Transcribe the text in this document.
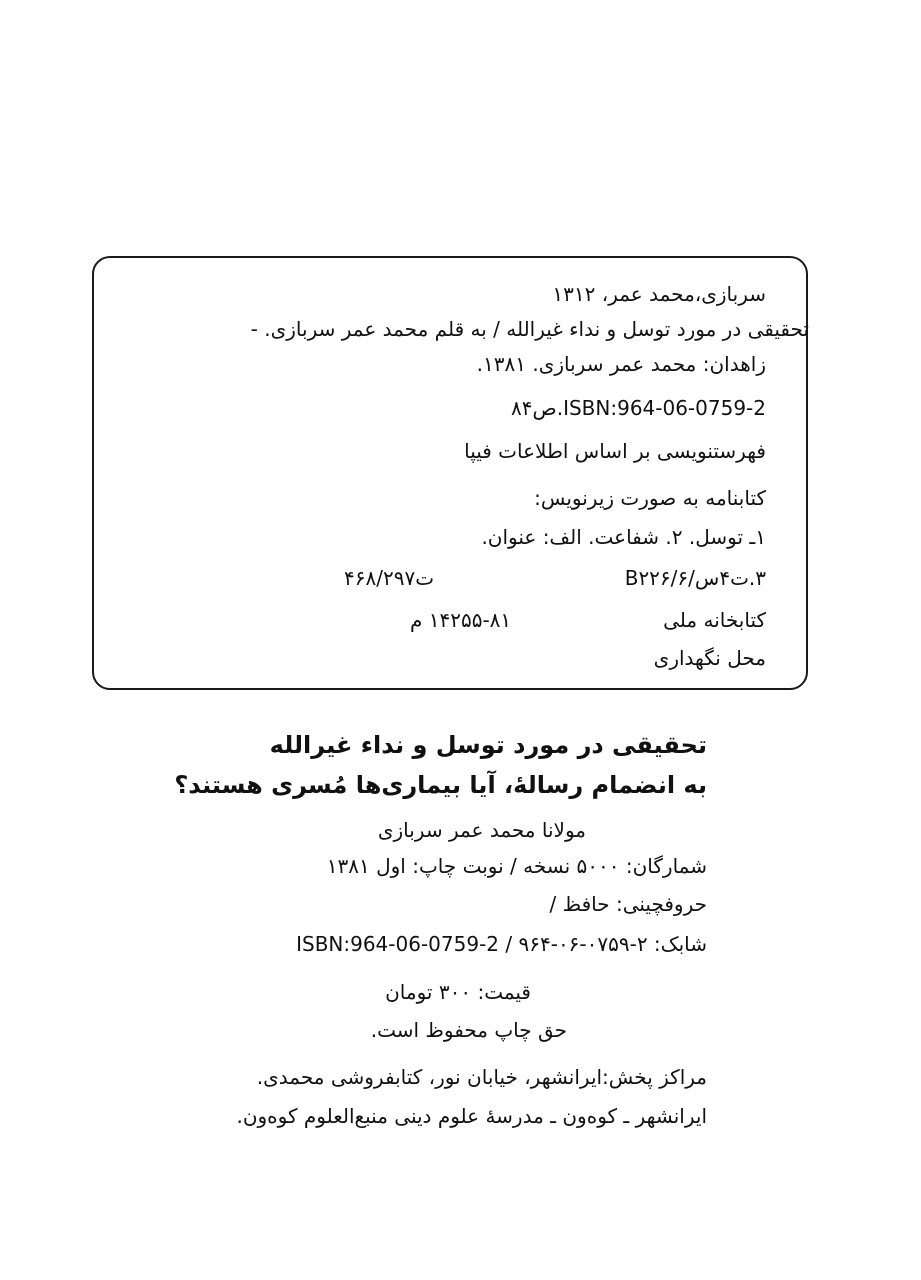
سربازی،محمد عمر، ۱۳۱۲
تحقیقی در مورد توسل و نداء غیرالله / به قلم محمد عمر سربازی. -
زاهدان: محمد عمر سربازی. ۱۳۸۱.
۸۴ص.ISBN:964-06-0759-2
فهرستنویسی بر اساس اطلاعات فیپا
کتابنامه به صورت زیرنویس:
۱ـ توسل. ۲. شفاعت. الف: عنوان.
۳.ت۴س/B۲۲۶/۶
ت۴۶۸/۲۹۷
کتابخانه ملی
۱۴۲۵۵-۸۱ م
محل نگهداری
تحقیقی در مورد توسل و نداء غیرالله
به انضمام رسالهٔ، آیا بیماری‌ها مُسری هستند؟
مولانا محمد عمر سربازی
شمارگان: ۵۰۰۰ نسخه / نوبت چاپ: اول ۱۳۸۱
حروفچینی: حافظ /
شابک: ۲-۰۷۵۹-۰۶-۹۶۴ / ISBN:964-06-0759-2
قیمت: ۳۰۰ تومان
حق چاپ محفوظ است.
مراکز پخش:ایرانشهر، خیابان نور، کتابفروشی محمدی.
ایرانشهر ـ کوه‌ون ـ مدرسهٔ علوم دینی منبع‌العلوم کوه‌ون.
